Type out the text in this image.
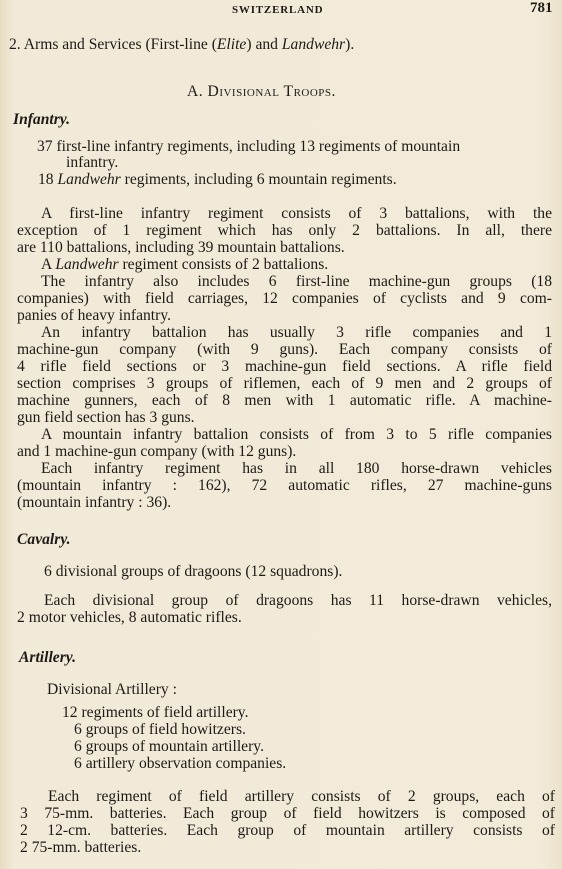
SWITZERLAND	781
2. Arms and Services (First-line (Elite) and Landwehr).
A. Divisional Troops.
Infantry.
37 first-line infantry regiments, including 13 regiments of mountain
infantry.
18 Landwehr regiments, including 6 mountain regiments.
A first-line infantry regiment consists of 3 battalions, with the
exception of 1 regiment which has only 2 battalions. In all, there
are 110 battalions, including 39 mountain battalions.
A Landwehr regiment consists of 2 battalions.
The infantry also includes 6 first-line machine-gun groups (18
companies) with field carriages, 12 companies of cyclists and 9 com-
panies of heavy infantry.
An infantry battalion has usually 3 rifle companies and 1
machine-gun company (with 9 guns). Each company consists of
4 rifle field sections or 3 machine-gun field sections. A rifle field
section comprises 3 groups of riflemen, each of 9 men and 2 groups of
machine gunners, each of 8 men with 1 automatic rifle. A machine-
gun field section has 3 guns.
A mountain infantry battalion consists of from 3 to 5 rifle companies
and 1 machine-gun company (with 12 guns).
Each infantry regiment has in all 180 horse-drawn vehicles
(mountain infantry : 162), 72 automatic rifles, 27 machine-guns
(mountain infantry : 36).
Cavalry.
6 divisional groups of dragoons (12 squadrons).
Each divisional group of dragoons has 11 horse-drawn vehicles,
2 motor vehicles, 8 automatic rifles.
Artillery.
Divisional Artillery :
12 regiments of field artillery.
6 groups of field howitzers.
6 groups of mountain artillery.
6 artillery observation companies.
Each regiment of field artillery consists of 2 groups, each of
3 75-mm. batteries. Each group of field howitzers is composed of
2 12-cm. batteries. Each group of mountain artillery consists of
2 75-mm. batteries.
